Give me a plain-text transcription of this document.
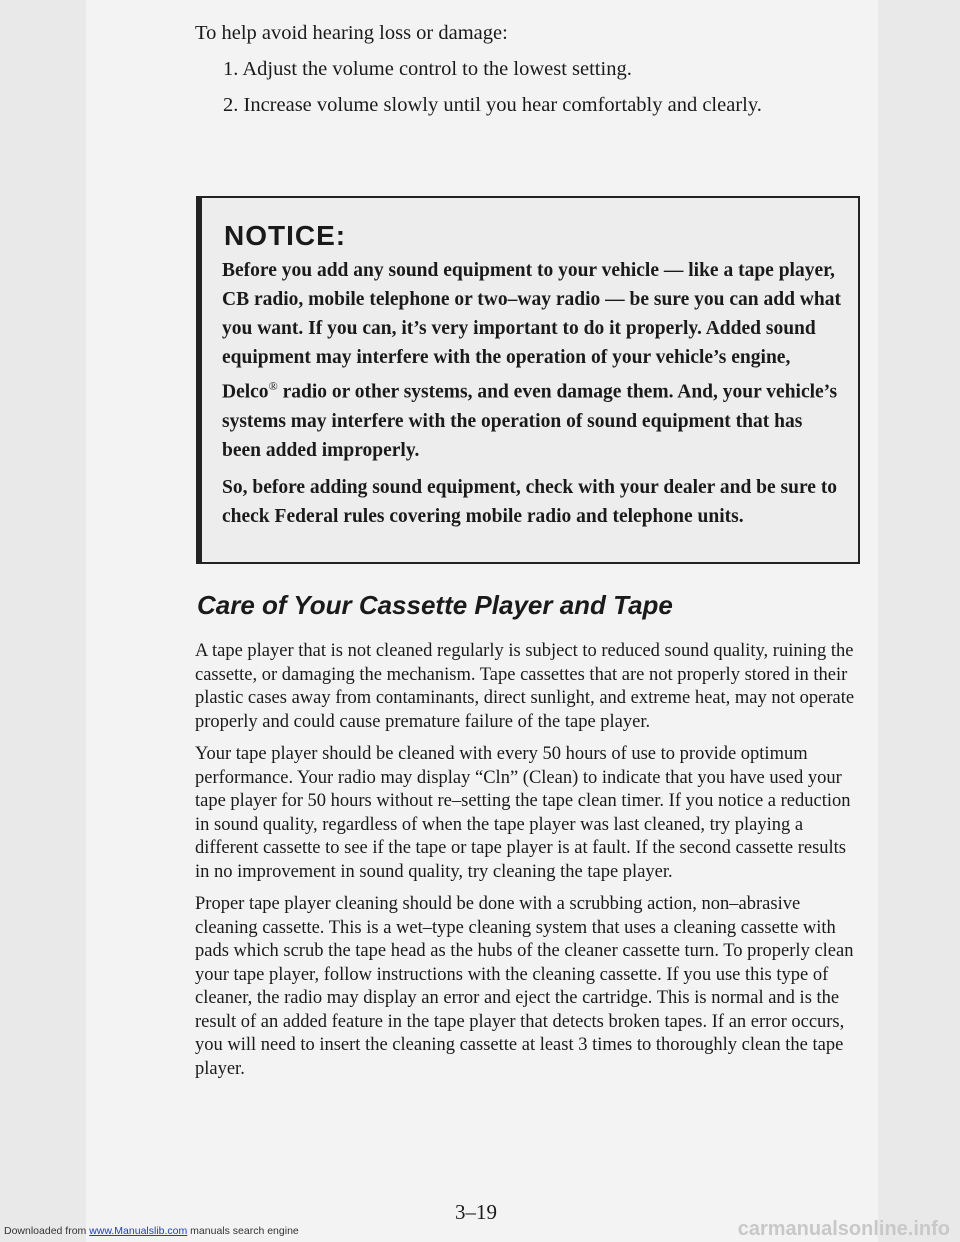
To help avoid hearing loss or damage:

1. Adjust the volume control to the lowest setting.

2. Increase volume slowly until you hear comfortably and clearly.

NOTICE:

Before you add any sound equipment to your vehicle — like a tape player, CB radio, mobile telephone or two–way radio — be sure you can add what you want. If you can, it’s very important to do it properly. Added sound equipment may interfere with the operation of your vehicle’s engine, Delco® radio or other systems, and even damage them. And, your vehicle’s systems may interfere with the operation of sound equipment that has been added improperly.

So, before adding sound equipment, check with your dealer and be sure to check Federal rules covering mobile radio and telephone units.

Care of Your Cassette Player and Tape

A tape player that is not cleaned regularly is subject to reduced sound quality, ruining the cassette, or damaging the mechanism. Tape cassettes that are not properly stored in their plastic cases away from contaminants, direct sunlight, and extreme heat, may not operate properly and could cause premature failure of the tape player.

Your tape player should be cleaned with every 50 hours of use to provide optimum performance. Your radio may display “Cln” (Clean) to indicate that you have used your tape player for 50 hours without re–setting the tape clean timer. If you notice a reduction in sound quality, regardless of when the tape player was last cleaned, try playing a different cassette to see if the tape or tape player is at fault. If the second cassette results in no improvement in sound quality, try cleaning the tape player.

Proper tape player cleaning should be done with a scrubbing action, non–abrasive cleaning cassette. This is a wet–type cleaning system that uses a cleaning cassette with pads which scrub the tape head as the hubs of the cleaner cassette turn. To properly clean your tape player, follow instructions with the cleaning cassette. If you use this type of cleaner, the radio may display an error and eject the cartridge. This is normal and is the result of an added feature in the tape player that detects broken tapes. If an error occurs, you will need to insert the cleaning cassette at least 3 times to thoroughly clean the tape player.

3–19
Downloaded from www.Manualslib.com manuals search engine	carmanualsonline.info
